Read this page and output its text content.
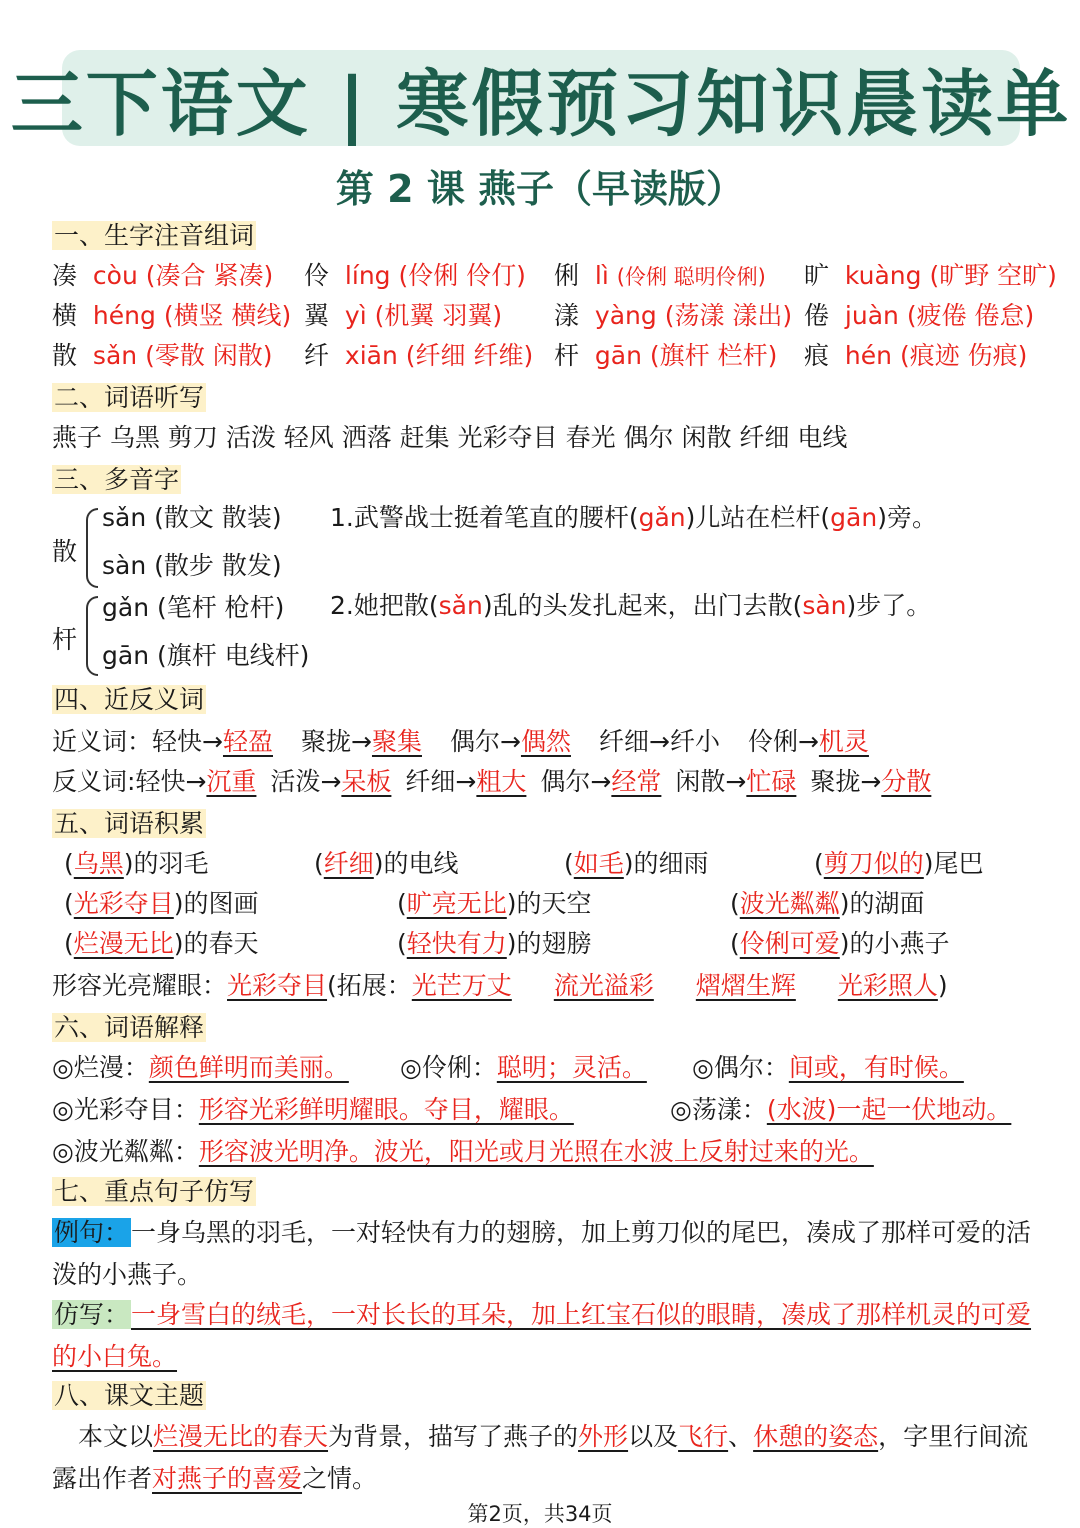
三下语文 | 寒假预习知识晨读单
第 2 课 燕子（早读版）
一、生字注音组词
凑 còu (凑合 紧凑) 伶 líng (伶俐 伶仃) 俐 lì (伶俐 聪明伶俐) 旷 kuàng (旷野 空旷)
横 héng (横竖 横线) 翼 yì (机翼 羽翼) 漾 yàng (荡漾 漾出) 倦 juàn (疲倦 倦怠)
散 sǎn (零散 闲散) 纤 xiān (纤细 纤维) 杆 gān (旗杆 栏杆) 痕 hén (痕迹 伤痕)
二、词语听写
燕子 乌黑 剪刀 活泼 轻风 洒落 赶集 光彩夺目 春光 偶尔 闲散 纤细 电线
三、多音字
散
sǎn (散文 散装)
sàn (散步 散发)
杆
gǎn (笔杆 枪杆)
gān (旗杆 电线杆)
1.武警战士挺着笔直的腰杆(gǎn)儿站在栏杆(gān)旁。
2.她把散(sǎn)乱的头发扎起来，出门去散(sàn)步了。
四、近反义词
近义词：轻快→轻盈 聚拢→聚集 偶尔→偶然 纤细→纤小 伶俐→机灵
反义词:轻快→沉重 活泼→呆板 纤细→粗大 偶尔→经常 闲散→忙碌 聚拢→分散
五、词语积累
(乌黑)的羽毛	(纤细)的电线	(如毛)的细雨	(剪刀似的)尾巴
(光彩夺目)的图画	(旷亮无比)的天空	(波光粼粼)的湖面
(烂漫无比)的春天	(轻快有力)的翅膀	(伶俐可爱)的小燕子
形容光亮耀眼：光彩夺目(拓展：光芒万丈 流光溢彩 熠熠生辉 光彩照人)
六、词语解释
◎烂漫：颜色鲜明而美丽。 ◎伶俐：聪明；灵活。 ◎偶尔：间或，有时候。
◎光彩夺目：形容光彩鲜明耀眼。夺目，耀眼。	◎荡漾：(水波)一起一伏地动。
◎波光粼粼：形容波光明净。波光，阳光或月光照在水波上反射过来的光。
七、重点句子仿写
例句：一身乌黑的羽毛，一对轻快有力的翅膀，加上剪刀似的尾巴，凑成了那样可爱的活泼的小燕子。
仿写：一身雪白的绒毛，一对长长的耳朵，加上红宝石似的眼睛，凑成了那样机灵的可爱的小白兔。
八、课文主题
本文以烂漫无比的春天为背景，描写了燕子的外形以及飞行、休憩的姿态，字里行间流露出作者对燕子的喜爱之情。
第2页，共34页
